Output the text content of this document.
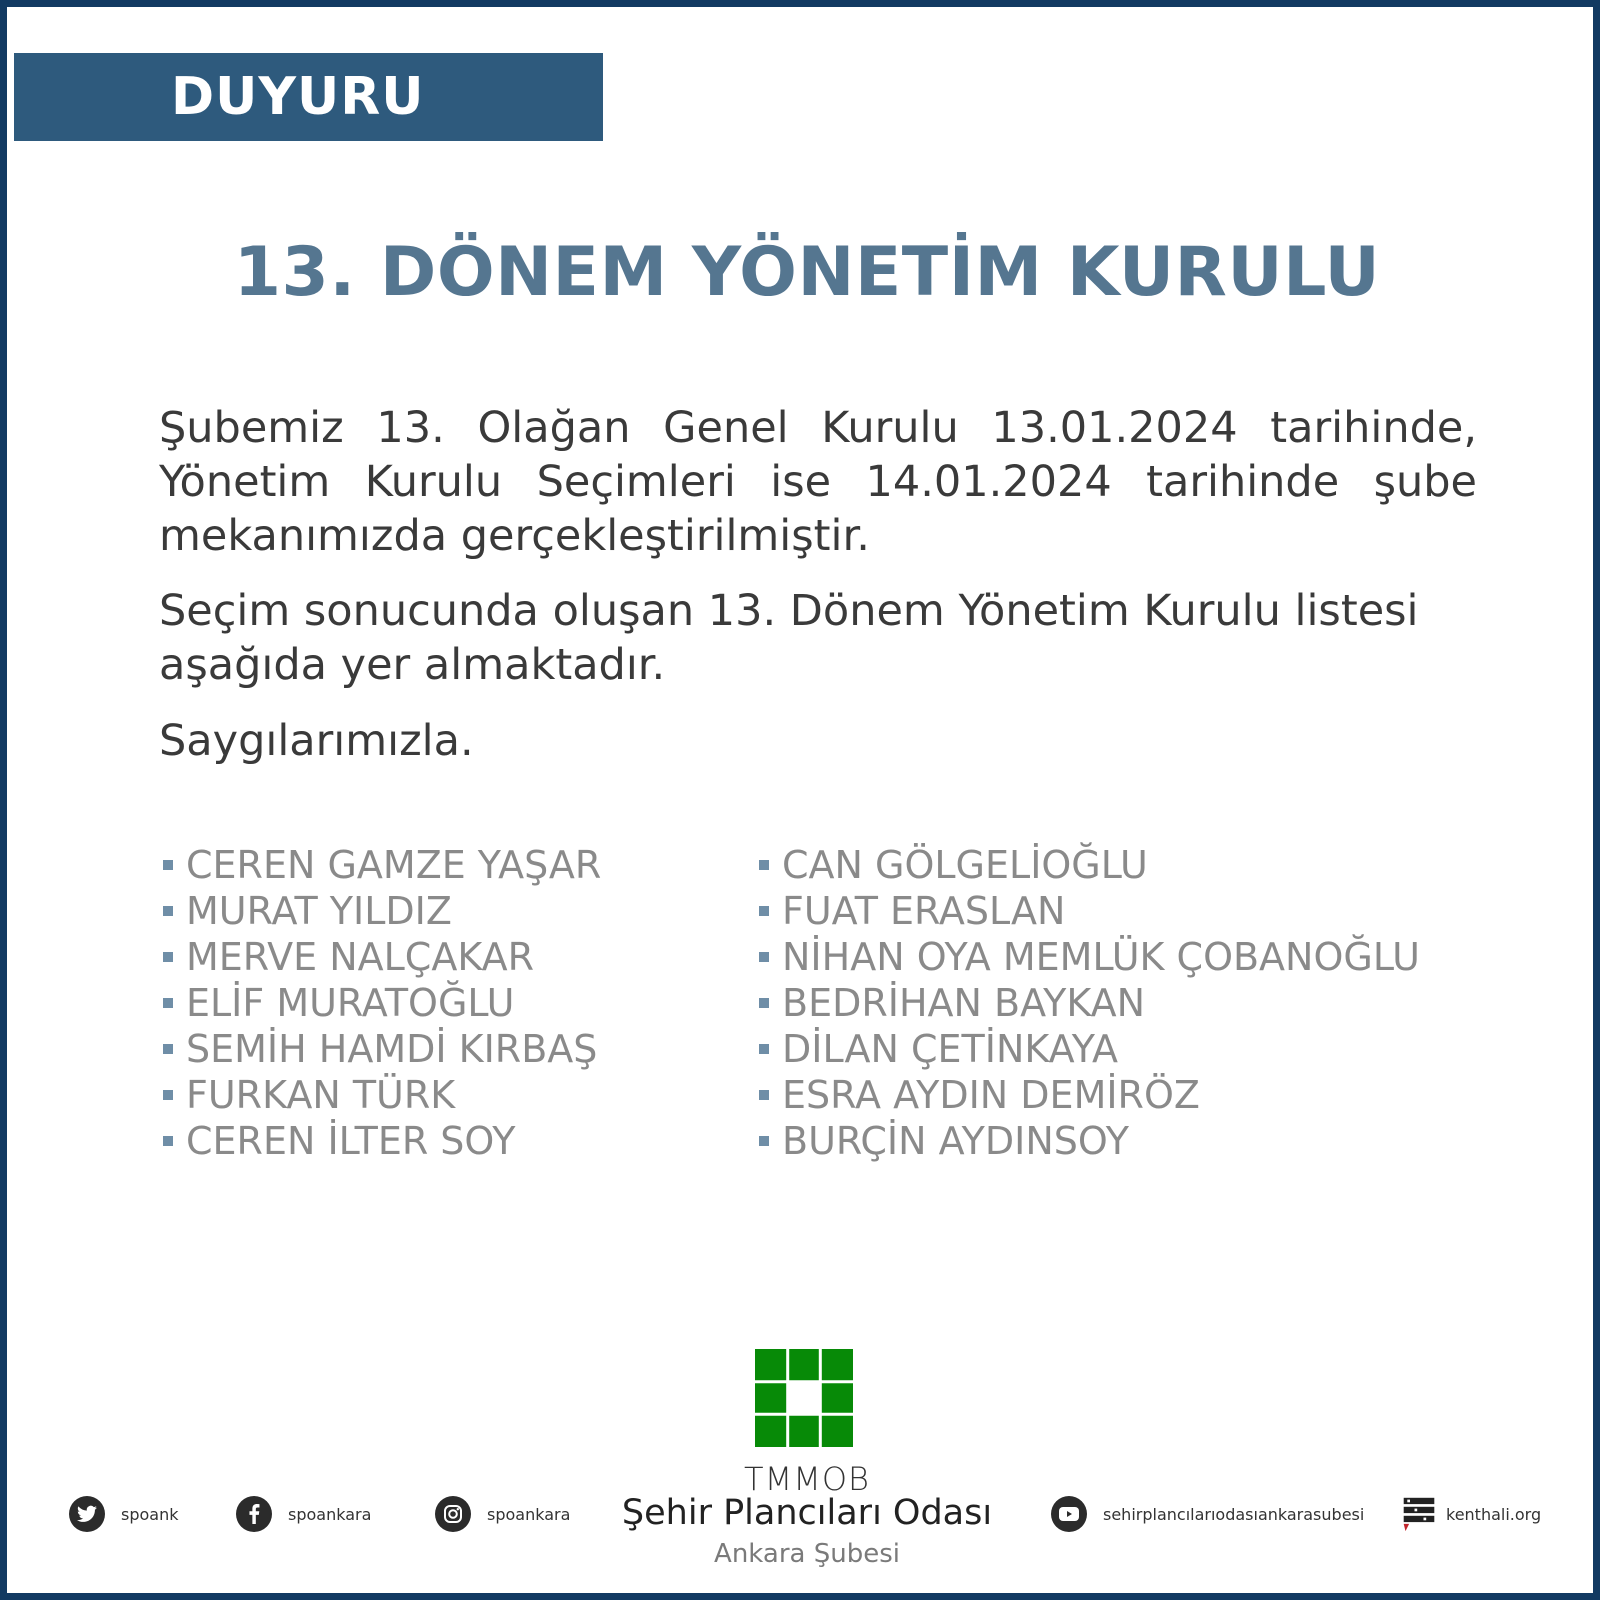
DUYURU
13. DÖNEM YÖNETİM KURULU
Şubemiz 13. Olağan Genel Kurulu 13.01.2024 tarihinde, Yönetim Kurulu Seçimleri ise 14.01.2024 tarihinde şube mekanımızda gerçekleştirilmiştir.
Seçim sonucunda oluşan 13. Dönem Yönetim Kurulu listesi aşağıda yer almaktadır.
Saygılarımızla.
CEREN GAMZE YAŞAR
MURAT YILDIZ
MERVE NALÇAKAR
ELİF MURATOĞLU
SEMİH HAMDİ KIRBAŞ
FURKAN TÜRK
CEREN İLTER SOY
CAN GÖLGELİOĞLU
FUAT ERASLAN
NİHAN OYA MEMLÜK ÇOBANOĞLU
BEDRİHAN BAYKAN
DİLAN ÇETİNKAYA
ESRA AYDIN DEMİRÖZ
BURÇİN AYDINSOY
TMMOB
Şehir Plancıları Odası
Ankara Şubesi
spoank	spoankara	spoankara	sehirplancılarıodasıankarasubesi	kenthali.org
